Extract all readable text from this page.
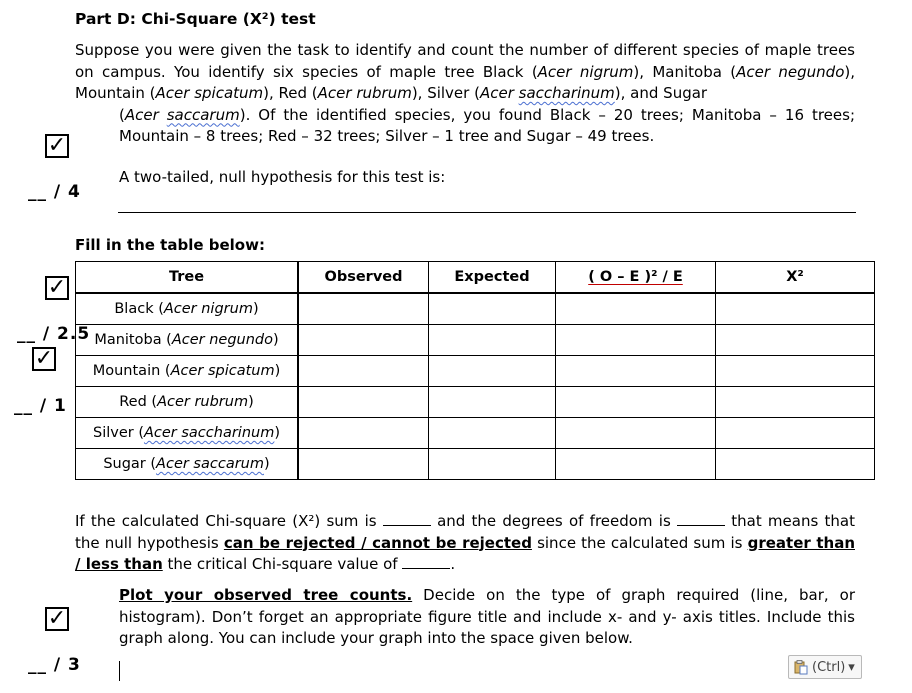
Part D: Chi-Square (X²) test
Suppose you were given the task to identify and count the number of different species of maple trees on campus. You identify six species of maple tree Black (Acer nigrum), Manitoba (Acer negundo), Mountain (Acer spicatum), Red (Acer rubrum), Silver (Acer saccharinum), and Sugar
(Acer saccarum). Of the identified species, you found Black – 20 trees; Manitoba – 16 trees; Mountain – 8 trees; Red – 32 trees; Silver – 1 tree and Sugar – 49 trees.
✓
__ / 4
A two-tailed, null hypothesis for this test is:
Fill in the table below:
✓
__ / 2.5
✓
__ / 1
Tree	Observed	Expected	( O – E )² / E	X²
Black (Acer nigrum)				
Manitoba (Acer negundo)				
Mountain (Acer spicatum)				
Red (Acer rubrum)				
Silver (Acer saccharinum)				
Sugar (Acer saccarum)				
If the calculated Chi-square (X²) sum is	and the degrees of freedom is	that means that the null hypothesis can be rejected / cannot be rejected since the calculated sum is greater than / less than the critical Chi-square value of	.
✓
__ / 3
Plot your observed tree counts. Decide on the type of graph required (line, bar, or histogram). Don’t forget an appropriate figure title and include x- and y- axis titles. Include this graph along. You can include your graph into the space given below.
(Ctrl) ▾
